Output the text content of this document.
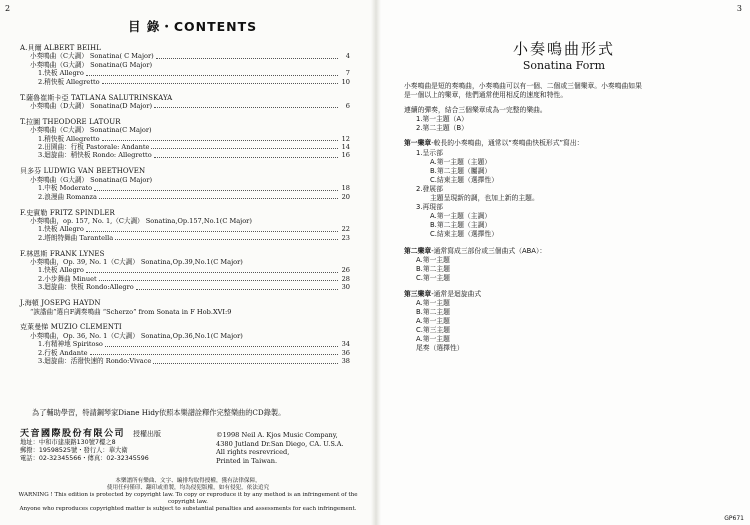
2
目 錄・CONTENTS
A.貝爾 ALBERT BEIHL
小奏鳴曲（C大調） Sonatina( C Major)	4
小奏鳴曲（G大調） Sonatina(G Major)
1.快板 Allegro	7
2.稍快板 Allegretto	10
T.薩魯崔斯卡亞 TATLANA SALUTRINSKAYA
小奏鳴曲（D大調） Sonatina(D Major)	6
T.拉圖 THEODORE LATOUR
小奏鳴曲（C大調） Sonatina(C Major)
1.稍快板 Allegretto	12
2.田園曲：行板 Pastorale: Andante	14
3.迴旋曲：稍快板 Rondo: Allegretto	16
貝多芬 LUDWIG VAN BEETHOVEN
小奏鳴曲（G大調） Sonatina(G Major)
1.中板 Moderato	18
2.浪漫曲 Romanza	20
F.史賓勒 FRITZ SPINDLER
小奏鳴曲，op. 157, No. 1,（C大調） Sonatina,Op.157,No.1(C Major)
1.快板 Allegro	22
2.塔朗特舞曲 Tarantella	23
F.林恩斯 FRANK LYNES
小奏鳴曲，Op. 39, No. 1（C大調） Sonatina,Op.39,No.1(C Major)
1.快板 Allegro	26
2.小步舞曲 Minuet	28
3.迴旋曲：快板 Rondo:Allegro	30
J.海頓 JOSEPG HAYDN
“詼諧曲”選自F調奏鳴曲 “Scherzo” from Sonata in F Hob.XVI:9
克萊曼悌 MUZIO CLEMENTI
小奏鳴曲，Op. 36, No. 1（C大調） Sonatina,Op.36,No.1(C Major)
1.有精神地 Spiritoso	34
2.行板 Andante	36
3.迴旋曲：活潑快速的 Rondo:Vivace	38
為了輔助學習，特請鋼琴家Diane Hidy依照本樂譜詮釋作完整樂曲的CD錄製。
天音國際股份有限公司 授權出版
地址：中和市建康路130號7樓之8
郵撥：19598525號・發行人：華大衛
電話：02-32345566・傳真：02-32345596
©1998 Neil A. Kjos Music Company,
4380 Jutland Dr.San Diego, CA. U.S.A.
All rights resrevriced,
Printed in Taiwan.
本樂譜所有樂曲、文字、編排均取得授權，獲有法律保障，
使用任何僅印、翻印或重製，均為侵犯版權，如有侵犯，依法追究
WARNING ! This edition is protected by copyright law. To copy or reproduce it by any method is an infringement of the copyright law.
Anyone who reproduces copyrighted matter is subject to substantial penalties and assessments for each infringement.
3
小奏鳴曲形式
Sonatina Form
小奏鳴曲是短的奏鳴曲，小奏鳴曲可以有一個、二個或三個樂章。小奏鳴曲如果
是一個以上的樂章，他們通常使用相反的速度和特性。
連續的彈奏，結合三個樂章成為一完整的樂曲。
1.第一主題（A）
2.第二主題（B）
第一樂章-較長的小奏鳴曲，通常以“奏鳴曲快板形式”寫出：
1.呈示部
A.第一主題（主題）
B.第二主題（屬調）
C.結束主題（選擇性）
2.發展部
主題呈現新的調，也加上新的主題。
3.再現部
A.第一主題（主調）
B.第二主題（主調）
C.結束主題（選擇性）
第二樂章-通常寫成三部份或三個曲式（ABA）：
A.第一主題
B.第二主題
C.第一主題
第三樂章-通常是迴旋曲式
A.第一主題
B.第二主題
A.第一主題
C.第三主題
A.第一主題
尾奏（選擇性）
GP671
